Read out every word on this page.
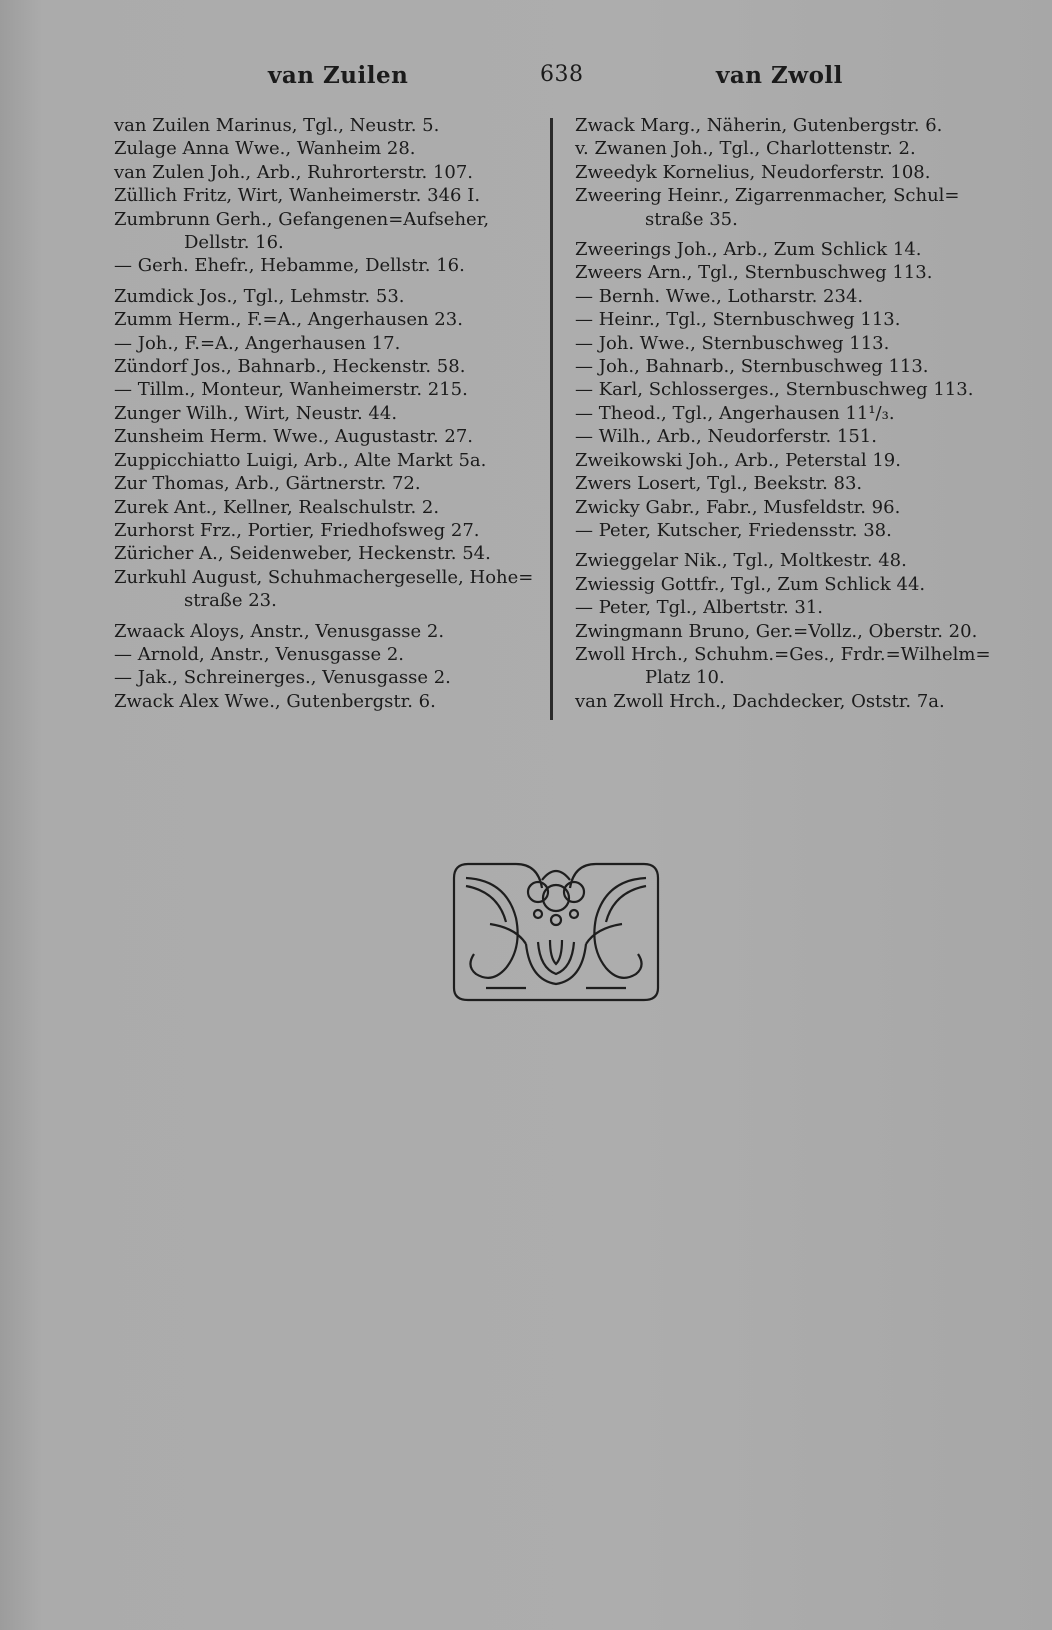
van Zuilen	638	van Zwoll
van Zuilen Marinus, Tgl., Neustr. 5.
Zulage Anna Wwe., Wanheim 28.
van Zulen Joh., Arb., Ruhrorterstr. 107.
Züllich Fritz, Wirt, Wanheimerstr. 346 I.
Zumbrunn Gerh., Gefangenen=Aufseher,
Dellstr. 16.
— Gerh. Ehefr., Hebamme, Dellstr. 16.
Zumdick Jos., Tgl., Lehmstr. 53.
Zumm Herm., F.=A., Angerhausen 23.
— Joh., F.=A., Angerhausen 17.
Zündorf Jos., Bahnarb., Heckenstr. 58.
— Tillm., Monteur, Wanheimerstr. 215.
Zunger Wilh., Wirt, Neustr. 44.
Zunsheim Herm. Wwe., Augustastr. 27.
Zuppicchiatto Luigi, Arb., Alte Markt 5a.
Zur Thomas, Arb., Gärtnerstr. 72.
Zurek Ant., Kellner, Realschulstr. 2.
Zurhorst Frz., Portier, Friedhofsweg 27.
Züricher A., Seidenweber, Heckenstr. 54.
Zurkuhl August, Schuhmachergeselle, Hohe=
straße 23.
Zwaack Aloys, Anstr., Venusgasse 2.
— Arnold, Anstr., Venusgasse 2.
— Jak., Schreinerges., Venusgasse 2.
Zwack Alex Wwe., Gutenbergstr. 6.
Zwack Marg., Näherin, Gutenbergstr. 6.
v. Zwanen Joh., Tgl., Charlottenstr. 2.
Zweedyk Kornelius, Neudorferstr. 108.
Zweering Heinr., Zigarrenmacher, Schul=
straße 35.
Zweerings Joh., Arb., Zum Schlick 14.
Zweers Arn., Tgl., Sternbuschweg 113.
— Bernh. Wwe., Lotharstr. 234.
— Heinr., Tgl., Sternbuschweg 113.
— Joh. Wwe., Sternbuschweg 113.
— Joh., Bahnarb., Sternbuschweg 113.
— Karl, Schlosserges., Sternbuschweg 113.
— Theod., Tgl., Angerhausen 11¹/₃.
— Wilh., Arb., Neudorferstr. 151.
Zweikowski Joh., Arb., Peterstal 19.
Zwers Losert, Tgl., Beekstr. 83.
Zwicky Gabr., Fabr., Musfeldstr. 96.
— Peter, Kutscher, Friedensstr. 38.
Zwieggelar Nik., Tgl., Moltkestr. 48.
Zwiessig Gottfr., Tgl., Zum Schlick 44.
— Peter, Tgl., Albertstr. 31.
Zwingmann Bruno, Ger.=Vollz., Oberstr. 20.
Zwoll Hrch., Schuhm.=Ges., Frdr.=Wilhelm=
Platz 10.
van Zwoll Hrch., Dachdecker, Oststr. 7a.
